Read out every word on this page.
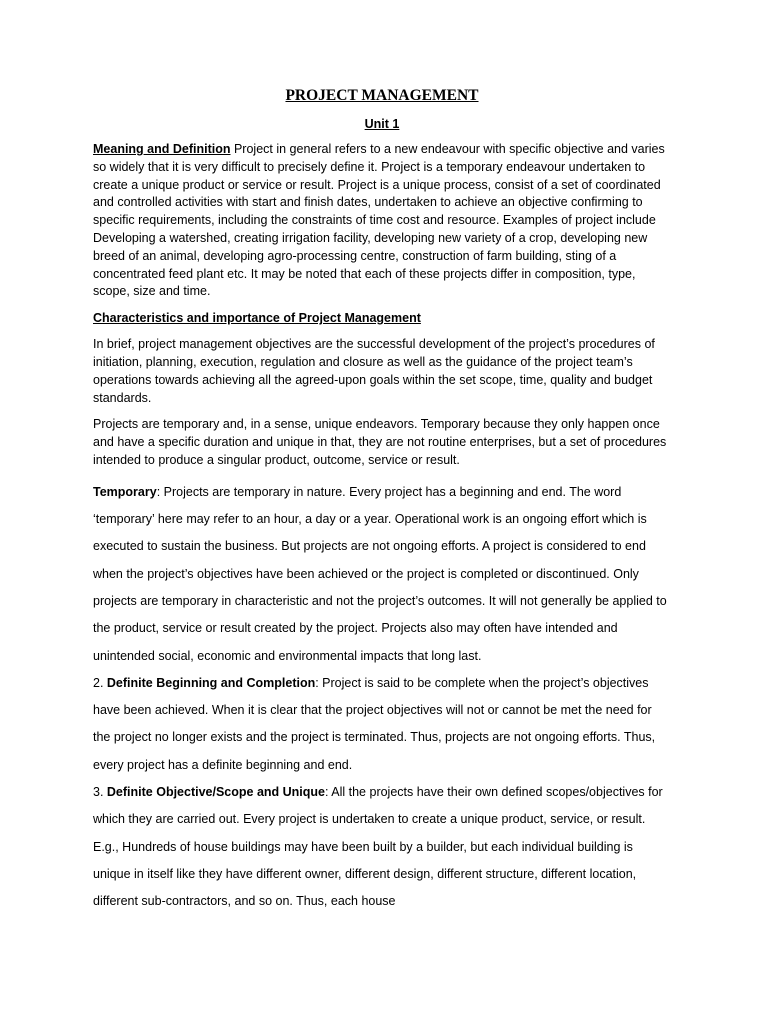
PROJECT MANAGEMENT
Unit 1

Meaning and Definition Project in general refers to a new endeavour with specific objective and varies so widely that it is very difficult to precisely define it. Project is a temporary endeavour undertaken to create a unique product or service or result. Project is a unique process, consist of a set of coordinated and controlled activities with start and finish dates, undertaken to achieve an objective confirming to specific requirements, including the constraints of time cost and resource. Examples of project include Developing a watershed, creating irrigation facility, developing new variety of a crop, developing new breed of an animal, developing agro-processing centre, construction of farm building, sting of a concentrated feed plant etc. It may be noted that each of these projects differ in composition, type, scope, size and time.

Characteristics and importance of Project Management

In brief, project management objectives are the successful development of the project’s procedures of initiation, planning, execution, regulation and closure as well as the guidance of the project team’s operations towards achieving all the agreed-upon goals within the set scope, time, quality and budget standards.

Projects are temporary and, in a sense, unique endeavors. Temporary because they only happen once and have a specific duration and unique in that, they are not routine enterprises, but a set of procedures intended to produce a singular product, outcome, service or result.

Temporary: Projects are temporary in nature. Every project has a beginning and end. The word ‘temporary’ here may refer to an hour, a day or a year. Operational work is an ongoing effort which is executed to sustain the business. But projects are not ongoing efforts. A project is considered to end when the project’s objectives have been achieved or the project is completed or discontinued. Only projects are temporary in characteristic and not the project’s outcomes. It will not generally be applied to the product, service or result created by the project. Projects also may often have intended and unintended social, economic and environmental impacts that long last.

2. Definite Beginning and Completion: Project is said to be complete when the project’s objectives have been achieved. When it is clear that the project objectives will not or cannot be met the need for the project no longer exists and the project is terminated. Thus, projects are not ongoing efforts. Thus, every project has a definite beginning and end.

3. Definite Objective/Scope and Unique: All the projects have their own defined scopes/objectives for which they are carried out. Every project is undertaken to create a unique product, service, or result. E.g., Hundreds of house buildings may have been built by a builder, but each individual building is unique in itself like they have different owner, different design, different structure, different location, different sub-contractors, and so on. Thus, each house
